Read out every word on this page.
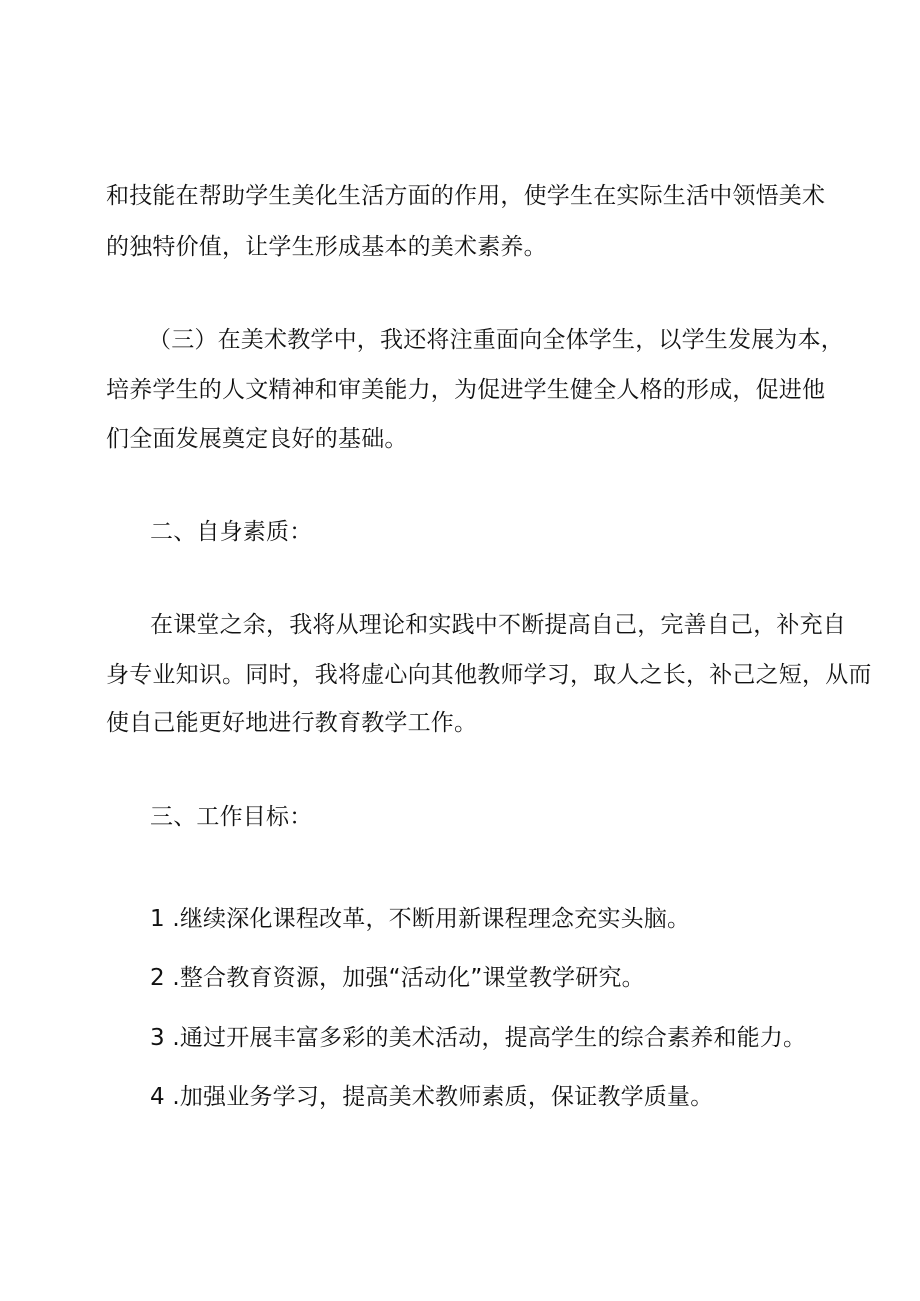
和技能在帮助学生美化生活方面的作用，使学生在实际生活中领悟美术
的独特价值，让学生形成基本的美术素养。
（三）在美术教学中，我还将注重面向全体学生，以学生发展为本，
培养学生的人文精神和审美能力，为促进学生健全人格的形成，促进他
们全面发展奠定良好的基础。
二、自身素质：
在课堂之余，我将从理论和实践中不断提高自己，完善自己，补充自
身专业知识。同时，我将虚心向其他教师学习，取人之长，补己之短，从而
使自己能更好地进行教育教学工作。
三、工作目标：
1 .继续深化课程改革，不断用新课程理念充实头脑。
2 .整合教育资源，加强“活动化”课堂教学研究。
3 .通过开展丰富多彩的美术活动，提高学生的综合素养和能力。
4 .加强业务学习，提高美术教师素质，保证教学质量。
